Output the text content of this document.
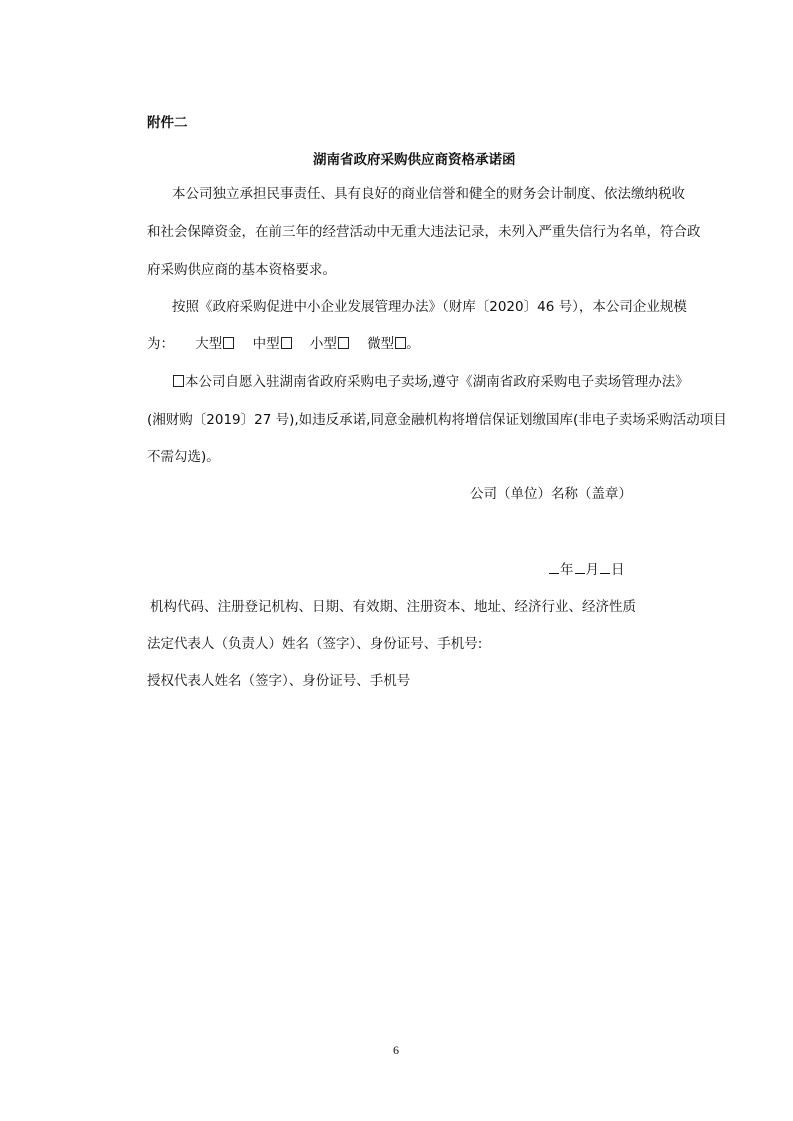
附件二
湖南省政府采购供应商资格承诺函
本公司独立承担民事责任、具有良好的商业信誉和健全的财务会计制度、依法缴纳税收
和社会保障资金，在前三年的经营活动中无重大违法记录，未列入严重失信行为名单，符合政
府采购供应商的基本资格要求。
按照《政府采购促进中小企业发展管理办法》（财库〔2020〕46 号），本公司企业规模
为： 大型 中型 小型 微型 。
本公司自愿入驻湖南省政府采购电子卖场,遵守《湖南省政府采购电子卖场管理办法》
(湘财购〔2019〕27 号),如违反承诺,同意金融机构将增信保证划缴国库(非电子卖场采购活动项目
不需勾选)。
公司（单位）名称（盖章）
年 月 日
机构代码、注册登记机构、日期、有效期、注册资本、地址、经济行业、经济性质
法定代表人（负责人）姓名（签字）、身份证号、手机号:
授权代表人姓名（签字）、身份证号、手机号
6
